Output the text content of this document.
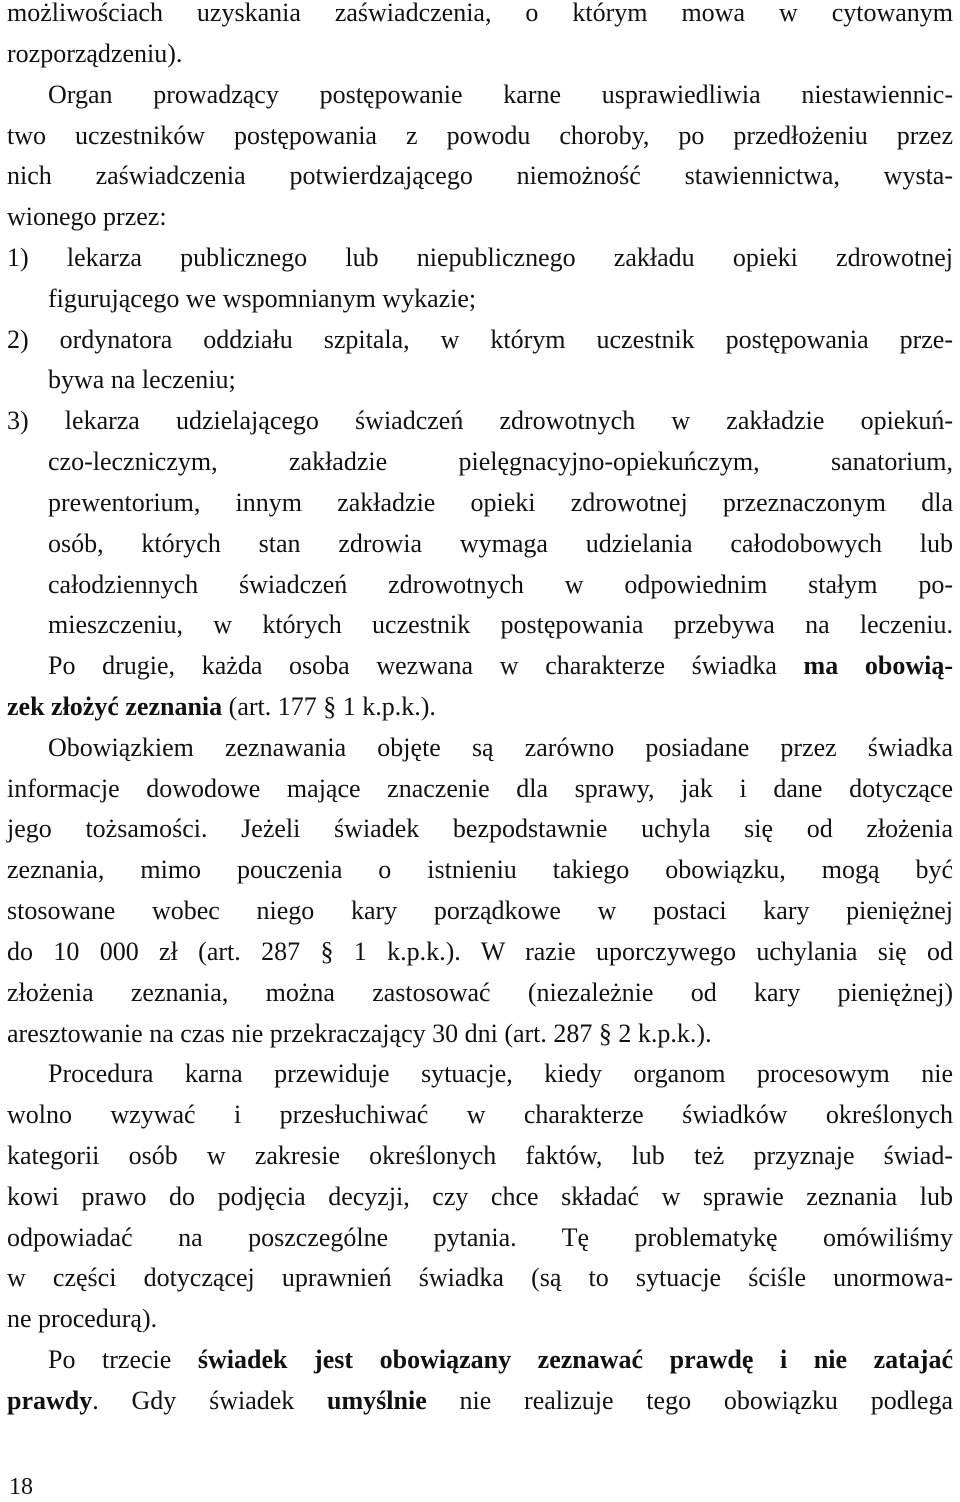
możliwościach uzyskania zaświadczenia, o którym mowa w cytowanym
rozporządzeniu).
Organ prowadzący postępowanie karne usprawiedliwia niestawiennic-
two uczestników postępowania z powodu choroby, po przedłożeniu przez
nich zaświadczenia potwierdzającego niemożność stawiennictwa, wysta-
wionego przez:
1) lekarza publicznego lub niepublicznego zakładu opieki zdrowotnej
figurującego we wspomnianym wykazie;
2) ordynatora oddziału szpitala, w którym uczestnik postępowania prze-
bywa na leczeniu;
3) lekarza udzielającego świadczeń zdrowotnych w zakładzie opiekuń-
czo-leczniczym, zakładzie pielęgnacyjno-opiekuńczym, sanatorium,
prewentorium, innym zakładzie opieki zdrowotnej przeznaczonym dla
osób, których stan zdrowia wymaga udzielania całodobowych lub
całodziennych świadczeń zdrowotnych w odpowiednim stałym po-
mieszczeniu, w których uczestnik postępowania przebywa na leczeniu.
Po drugie, każda osoba wezwana w charakterze świadka ma obowią-
zek złożyć zeznania (art. 177 § 1 k.p.k.).
Obowiązkiem zeznawania objęte są zarówno posiadane przez świadka
informacje dowodowe mające znaczenie dla sprawy, jak i dane dotyczące
jego tożsamości. Jeżeli świadek bezpodstawnie uchyla się od złożenia
zeznania, mimo pouczenia o istnieniu takiego obowiązku, mogą być
stosowane wobec niego kary porządkowe w postaci kary pieniężnej
do 10 000 zł (art. 287 § 1 k.p.k.). W razie uporczywego uchylania się od
złożenia zeznania, można zastosować (niezależnie od kary pieniężnej)
aresztowanie na czas nie przekraczający 30 dni (art. 287 § 2 k.p.k.).
Procedura karna przewiduje sytuacje, kiedy organom procesowym nie
wolno wzywać i przesłuchiwać w charakterze świadków określonych
kategorii osób w zakresie określonych faktów, lub też przyznaje świad-
kowi prawo do podjęcia decyzji, czy chce składać w sprawie zeznania lub
odpowiadać na poszczególne pytania. Tę problematykę omówiliśmy
w części dotyczącej uprawnień świadka (są to sytuacje ściśle unormowa-
ne procedurą).
Po trzecie świadek jest obowiązany zeznawać prawdę i nie zatajać
prawdy. Gdy świadek umyślnie nie realizuje tego obowiązku podlega
18
